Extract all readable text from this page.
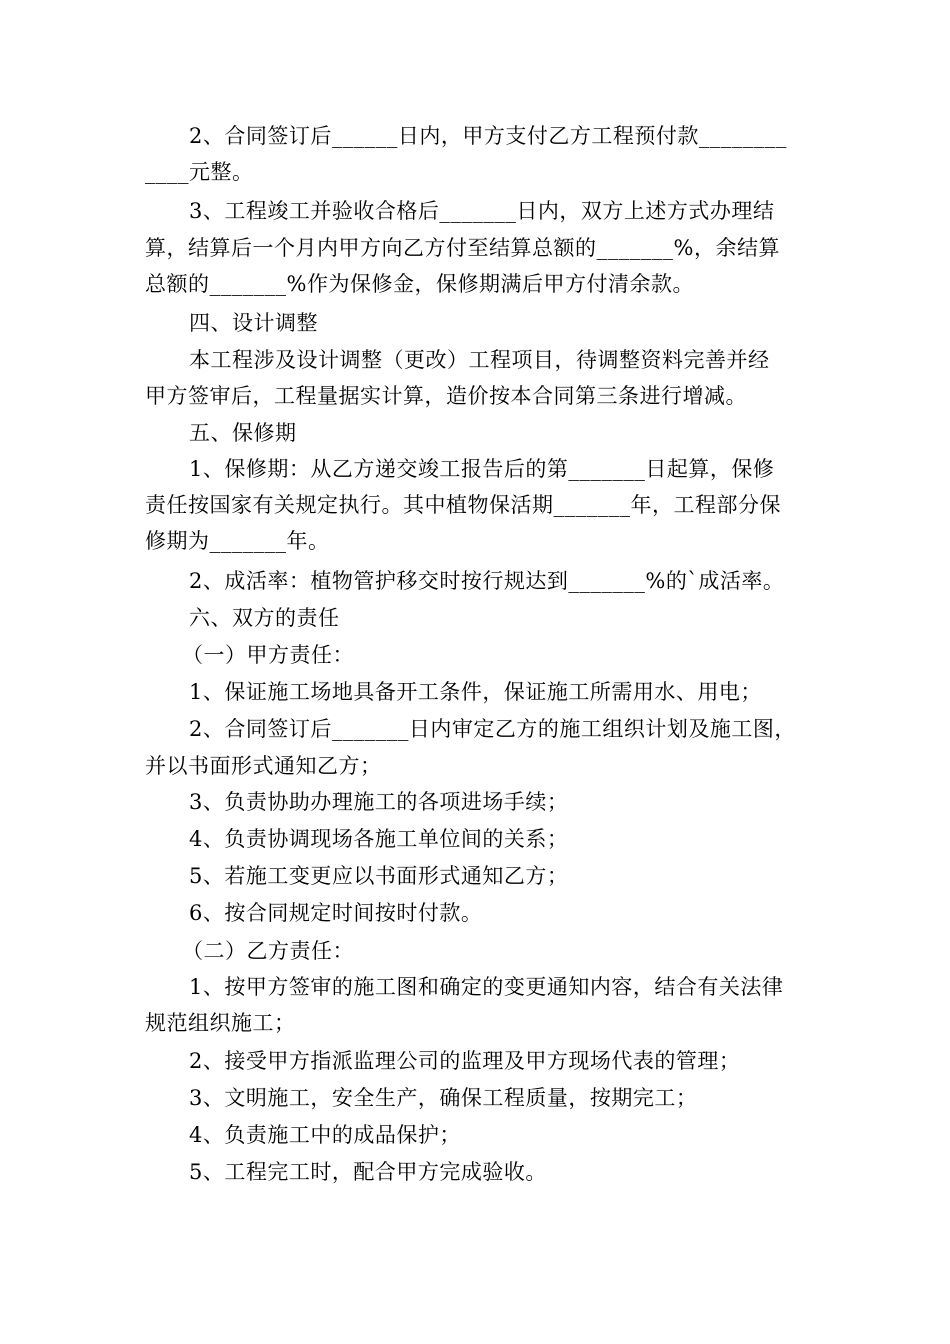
2、合同签订后______日内，甲方支付乙方工程预付款________
____元整。
3、工程竣工并验收合格后_______日内，双方上述方式办理结
算，结算后一个月内甲方向乙方付至结算总额的_______%，余结算
总额的_______%作为保修金，保修期满后甲方付清余款。
四、设计调整
本工程涉及设计调整（更改）工程项目，待调整资料完善并经
甲方签审后，工程量据实计算，造价按本合同第三条进行增减。
五、保修期
1、保修期：从乙方递交竣工报告后的第_______日起算，保修
责任按国家有关规定执行。其中植物保活期_______年，工程部分保
修期为_______年。
2、成活率：植物管护移交时按行规达到_______%的`成活率。
六、双方的责任
（一）甲方责任：
1、保证施工场地具备开工条件，保证施工所需用水、用电；
2、合同签订后_______日内审定乙方的施工组织计划及施工图，
并以书面形式通知乙方；
3、负责协助办理施工的各项进场手续；
4、负责协调现场各施工单位间的关系；
5、若施工变更应以书面形式通知乙方；
6、按合同规定时间按时付款。
（二）乙方责任：
1、按甲方签审的施工图和确定的变更通知内容，结合有关法律
规范组织施工；
2、接受甲方指派监理公司的监理及甲方现场代表的管理；
3、文明施工，安全生产，确保工程质量，按期完工；
4、负责施工中的成品保护；
5、工程完工时，配合甲方完成验收。
